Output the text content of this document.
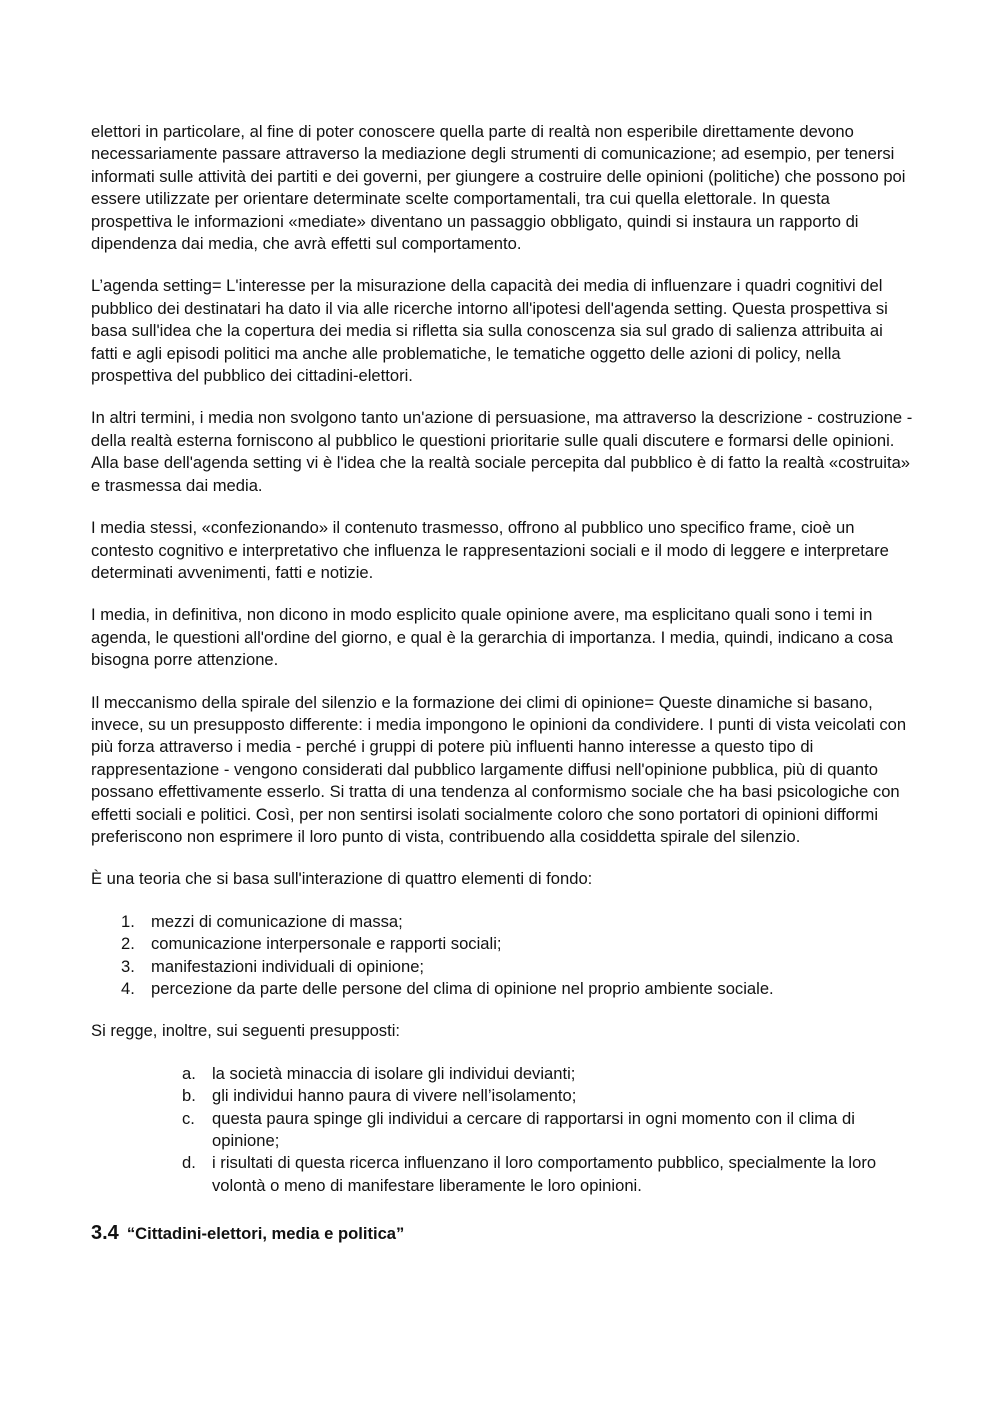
elettori in particolare, al fine di poter conoscere quella parte di realtà non esperibile direttamente devono necessariamente passare attraverso la mediazione degli strumenti di comunicazione; ad esempio, per tenersi informati sulle attività dei partiti e dei governi, per giungere a costruire delle opinioni (politiche) che possono poi essere utilizzate per orientare determinate scelte comportamentali, tra cui quella elettorale. In questa prospettiva le informazioni «mediate» diventano un passaggio obbligato, quindi si instaura un rapporto di dipendenza dai media, che avrà effetti sul comportamento.

L’agenda setting= L'interesse per la misurazione della capacità dei media di influenzare i quadri cognitivi del pubblico dei destinatari ha dato il via alle ricerche intorno all'ipotesi dell'agenda setting. Questa prospettiva si basa sull'idea che la copertura dei media si rifletta sia sulla conoscenza sia sul grado di salienza attribuita ai fatti e agli episodi politici ma anche alle problematiche, le tematiche oggetto delle azioni di policy, nella prospettiva del pubblico dei cittadini-elettori.

In altri termini, i media non svolgono tanto un'azione di persuasione, ma attraverso la descrizione - costruzione - della realtà esterna forniscono al pubblico le questioni prioritarie sulle quali discutere e formarsi delle opinioni. Alla base dell'agenda setting vi è l'idea che la realtà sociale percepita dal pubblico è di fatto la realtà «costruita» e trasmessa dai media.

I media stessi, «confezionando» il contenuto trasmesso, offrono al pubblico uno specifico frame, cioè un contesto cognitivo e interpretativo che influenza le rappresentazioni sociali e il modo di leggere e interpretare determinati avvenimenti, fatti e notizie.

I media, in definitiva, non dicono in modo esplicito quale opinione avere, ma esplicitano quali sono i temi in agenda, le questioni all'ordine del giorno, e qual è la gerarchia di importanza. I media, quindi, indicano a cosa bisogna porre attenzione.

Il meccanismo della spirale del silenzio e la formazione dei climi di opinione= Queste dinamiche si basano, invece, su un presupposto differente: i media impongono le opinioni da condividere. I punti di vista veicolati con più forza attraverso i media - perché i gruppi di potere più influenti hanno interesse a questo tipo di rappresentazione - vengono considerati dal pubblico largamente diffusi nell'opinione pubblica, più di quanto possano effettivamente esserlo. Si tratta di una tendenza al conformismo sociale che ha basi psicologiche con effetti sociali e politici. Così, per non sentirsi isolati socialmente coloro che sono portatori di opinioni difformi preferiscono non esprimere il loro punto di vista, contribuendo alla cosiddetta spirale del silenzio.

È una teoria che si basa sull'interazione di quattro elementi di fondo:

1. mezzi di comunicazione di massa;
2. comunicazione interpersonale e rapporti sociali;
3. manifestazioni individuali di opinione;
4. percezione da parte delle persone del clima di opinione nel proprio ambiente sociale.

Si regge, inoltre, sui seguenti presupposti:

a. la società minaccia di isolare gli individui devianti;
b. gli individui hanno paura di vivere nell’isolamento;
c. questa paura spinge gli individui a cercare di rapportarsi in ogni momento con il clima di opinione;
d. i risultati di questa ricerca influenzano il loro comportamento pubblico, specialmente la loro volontà o meno di manifestare liberamente le loro opinioni.
3.4 “Cittadini-elettori, media e politica”
